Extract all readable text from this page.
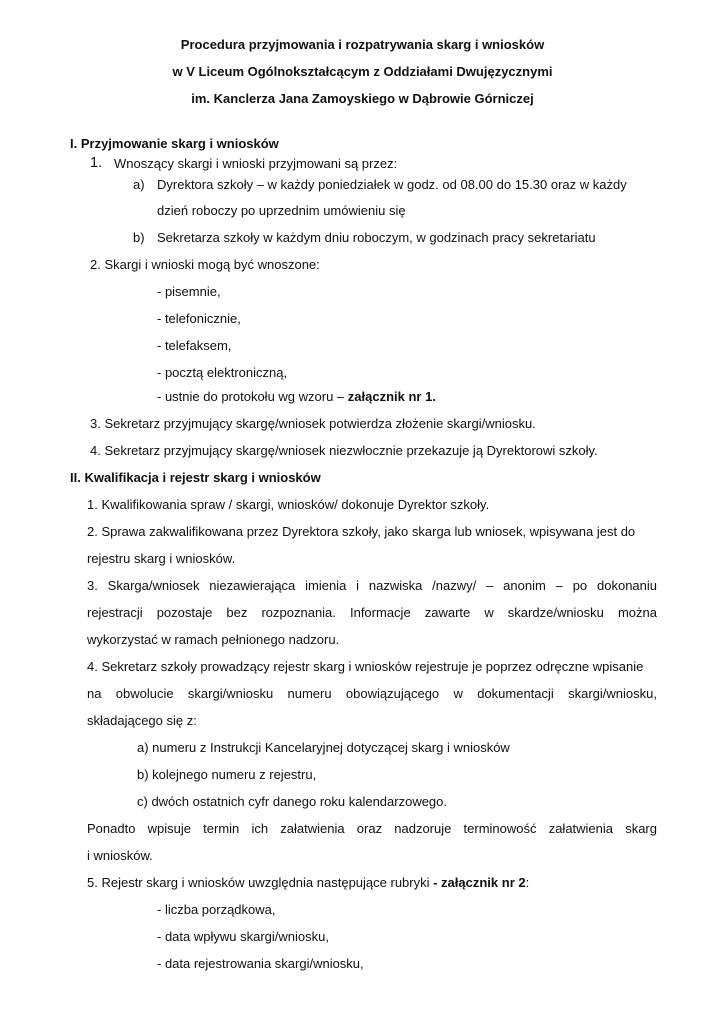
Procedura przyjmowania i rozpatrywania skarg i wniosków

w V Liceum Ogólnokształcącym z Oddziałami Dwujęzycznymi

im. Kanclerza Jana Zamoyskiego w Dąbrowie Górniczej

I. Przyjmowanie skarg i wniosków

1. Wnoszący skargi i wnioski przyjmowani są przez:

a) Dyrektora szkoły – w każdy poniedziałek w godz. od 08.00 do 15.30 oraz w każdy

dzień roboczy po uprzednim umówieniu się

b) Sekretarza szkoły w każdym dniu roboczym, w godzinach pracy sekretariatu

2. Skargi i wnioski mogą być wnoszone:

- pisemnie,

- telefonicznie,

- telefaksem,

- pocztą elektroniczną,

- ustnie do protokołu wg wzoru – załącznik nr 1.

3. Sekretarz przyjmujący skargę/wniosek potwierdza złożenie skargi/wniosku.

4. Sekretarz przyjmujący skargę/wniosek niezwłocznie przekazuje ją Dyrektorowi szkoły.

II. Kwalifikacja i rejestr skarg i wniosków

1. Kwalifikowania spraw / skargi, wniosków/ dokonuje Dyrektor szkoły.

2. Sprawa zakwalifikowana przez Dyrektora szkoły, jako skarga lub wniosek, wpisywana jest do

rejestru skarg i wniosków.

3. Skarga/wniosek niezawierająca imienia i nazwiska /nazwy/ – anonim – po dokonaniu

rejestracji pozostaje bez rozpoznania. Informacje zawarte w skardze/wniosku można

wykorzystać w ramach pełnionego nadzoru.

4. Sekretarz szkoły prowadzący rejestr skarg i wniosków rejestruje je poprzez odręczne wpisanie

na obwolucie skargi/wniosku numeru obowiązującego w dokumentacji skargi/wniosku,

składającego się z:

a) numeru z Instrukcji Kancelaryjnej dotyczącej skarg i wniosków

b) kolejnego numeru z rejestru,

c) dwóch ostatnich cyfr danego roku kalendarzowego.

Ponadto wpisuje termin ich załatwienia oraz nadzoruje terminowość załatwienia skarg

i wniosków.

5. Rejestr skarg i wniosków uwzględnia następujące rubryki - załącznik nr 2:

- liczba porządkowa,

- data wpływu skargi/wniosku,

- data rejestrowania skargi/wniosku,
